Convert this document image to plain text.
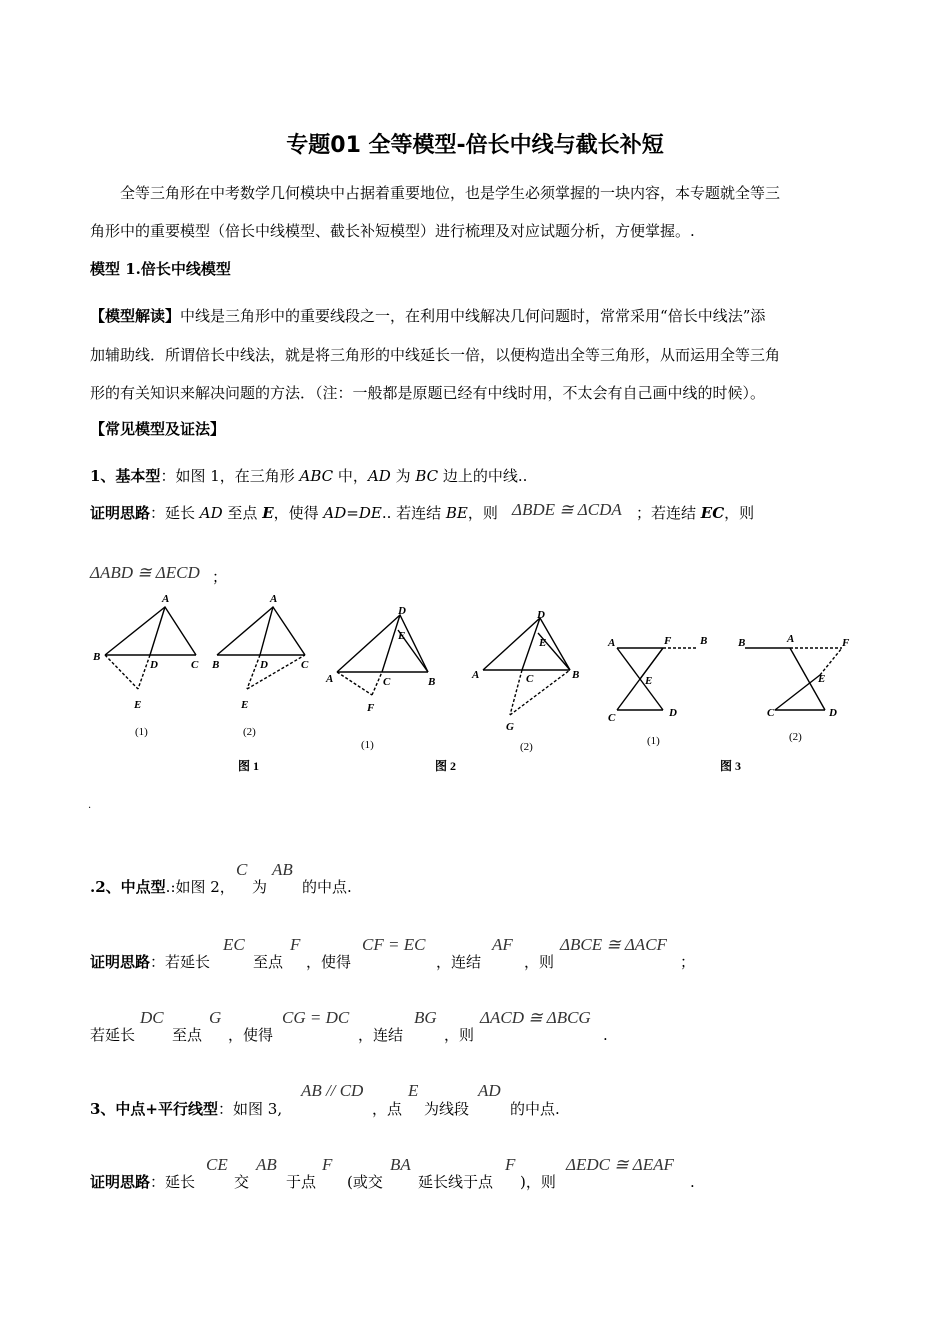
专题01 全等模型-倍长中线与截长补短
全等三角形在中考数学几何模块中占据着重要地位，也是学生必须掌握的一块内容，本专题就全等三
角形中的重要模型（倍长中线模型、截长补短模型）进行梳理及对应试题分析，方便掌握。.
模型 1.倍长中线模型
【模型解读】中线是三角形中的重要线段之一，在利用中线解决几何问题时，常常采用“倍长中线法”添
加辅助线．所谓倍长中线法，就是将三角形的中线延长一倍，以便构造出全等三角形，从而运用全等三角
形的有关知识来解决问题的方法．（注：一般都是原题已经有中线时用，不太会有自己画中线的时候）。
【常见模型及证法】
1、基本型：如图 1，在三角形 ABC 中，AD 为 BC 边上的中线..
证明思路：延长 AD 至点 E，使得 AD=DE.. 若连结 BE，则 ΔBDE ≅ ΔCDA ；若连结 EC，则
ΔABD ≅ ΔECD ；
A
B
D	C
E
A
B	D	C
E
D
E
A	C	B
F
D
E
A	C	B
G
A	F	B
E
C	D
B	A	F
E
C	D
(1)	(2)
(1)	(2)	(1)	(2)
图 1	图 2	图 3
.
.2、中点型.:如图 2，
C
为
AB
的中点.
证明思路：若延长
EC
至点
F
，使得
CF = EC
，连结
AF
，则
ΔBCE ≅ ΔACF
；
若延长
DC
至点
G
，使得
CG = DC
，连结
BG
，则
ΔACD ≅ ΔBCG
.
3、中点+平行线型：如图 3,
AB // CD
，点
E
为线段
AD
的中点.
证明思路：延长
CE
交
AB
于点
F
(或交
BA
延长线于点
F
)，则
ΔEDC ≅ ΔEAF
.
